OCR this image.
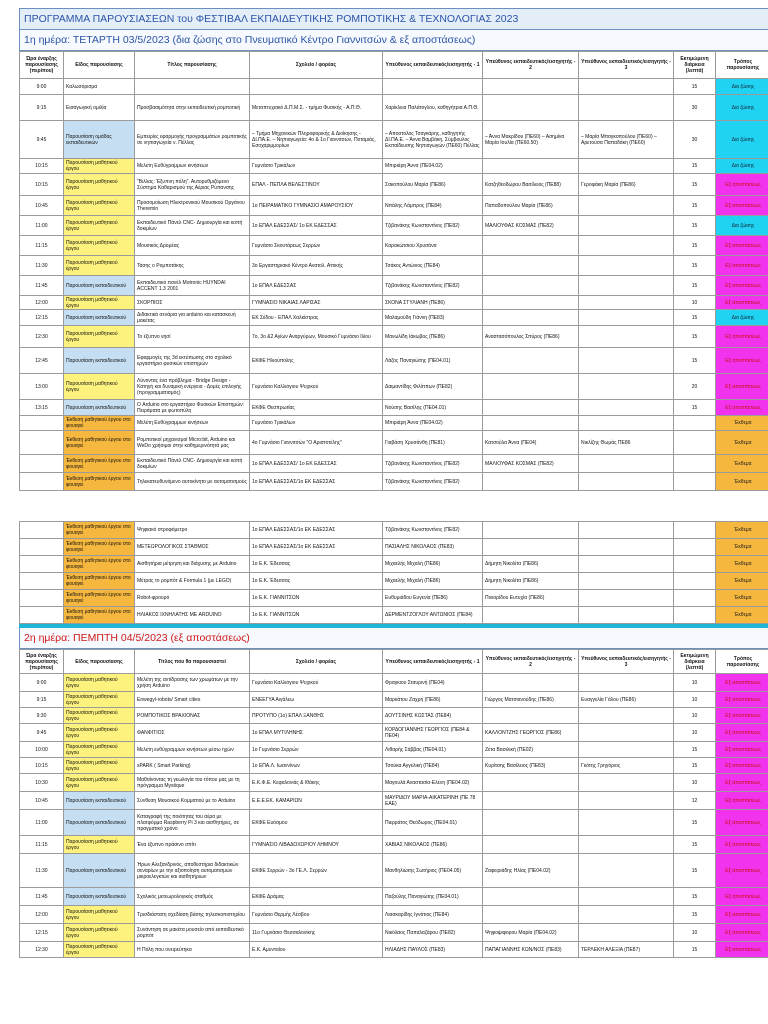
ΠΡΟΓΡΑΜΜΑ ΠΑΡΟΥΣΙΑΣΕΩΝ του ΦΕΣΤΙΒΑΛ ΕΚΠΑΙΔΕΥΤΙΚΗΣ ΡΟΜΠΟΤΙΚΗΣ & ΤΕΧΝΟΛΟΓΙΑΣ 2023
1η ημέρα: ΤΕΤΑΡΤΗ 03/5/2023 (δια ζώσης στο Πνευματικό Κέντρο Γιαννιτσών & εξ αποστάσεως)
Ώρα έναρξης παρουσίασης (περίπου)	Είδος παρουσίασης	Τίτλος παρουσίασης	Σχολείο / φορέας	Υπεύθυνος εκπαιδευτικός/εισηγητής - 1	Υπεύθυνος εκπαιδευτικός/εισηγητής - 2	Υπεύθυνος εκπαιδευτικός/εισηγητής - 3	Εκτιμώμενη διάρκεια (λεπτά)	Τρόπος παρουσίασης
9:00	Καλωσόρισμα						15	Δια ζώσης
9:15	Εισαγωγική ομιλία	Προσβασιμότητα στην εκπαιδευτική ρομποτική	Μεταπτυχιακό Δ.Π.Μ.Σ. - τμήμα Φυσικής - Α.Π.Θ.	Χαρίκλεια Παλάτογλου, καθηγήτρια Α.Π.Θ.			30	Δια ζώσης
9:45	Παρουσίαση ομάδας εκπαιδευτικών	Εμπειρίες εφαρμογής προγραμμάτων ρομποτικής σε νηπιαγωγεία ν. Πέλλας	– Τμήμα Μηχανικών Πληροφορικής & Διοίκησης - ΔΙ.ΠΑ.Ε. – Νηπιαγωγεία: 4ο & 1ο Γιαννιτσών, Ποταμιάς, Εσοχαριμμορίων	– Αποστολος Τσαγκάρης, καθηγητής ΔΙ.ΠΑ.Ε. – Άννα Βαμβάκη, Σύμβουλος Εκπαίδευσης Νηπιαγωγών (ΠΕ60) Πέλλας	– Άννα Μακρίδου (ΠΕ60) – Ασημίνα Μαρία Ιουλία (ΠΕ60.50)	– Μαρία Μπαγκοπούλου (ΠΕ60) – Αρετούσα Παπαδάκη (ΠΕ60)	30	Δια ζώσης
10:15	Παρουσίαση μαθητικού έργου	Μελέτη Ευθύγραμμων κινήσεων	Γυμνάσιο Τρικάλων	Μπιριάρη Άννα (ΠΕ04.02)			15	Δια ζώσης
10:15	Παρουσίαση μαθητικού έργου	"Βιλλας: Έξυπνη πόλη". Αυτορυθμιζόμενο Σύστημα Καθαρισμού της Αέριας Ρύπανσης	ΕΠΑΛ - ΠΕΠΛΑ ΒΕΛΕΣΤΙΝΟΥ	Σακοπούλου Μαρία (ΠΕ86)	Κατζηθεοδώρου Βασίλειος (ΠΕ88)	Γεροφάκη Μαρία (ΠΕ86)	15	Εξ αποστάσεως
10:45	Παρουσίαση μαθητικού έργου	Προσομοίωση Ηλεκτρονικού Μουσικού Οργάνου Theremin	1ο ΠΕΙΡΑΜΑΤΙΚΟ ΓΥΜΝΑΣΙΟ ΑΜΑΡΟΥΣΙΟΥ	Νπάλης Λάμπρος (ΠΕ84)	Παπαδοπούλου Μαρία (ΠΕ86)		15	Εξ αποστάσεως
11:00	Παρουσίαση μαθητικού έργου	Εκπαιδευτικό Πάνελ CNC- Δημιουργία και κοπή δοκιμίων	1ο ΕΠΑΛ ΕΔΕΣΣΑΣ/ 1ο ΕΚ ΕΔΕΣΣΑΣ	Τζιβανάκης Κωνσταντίνος (ΠΕ82)	ΜΑΛΙΟΥΦΑΣ ΚΟΣΜΑΣ (ΠΕ82)		15	Δια ζώσης
11:15	Παρουσίαση μαθητικού έργου	Μουσικός Δρομέας	Γυμνάσιο Σκουτάρεως Σερρών	Καρακώτσιου Χρυσάνα			15	Εξ αποστάσεως
11:30	Παρουσίαση μαθητικού έργου	Τάσης ο Ρομποτάκης	3ο Εργαστηριακό Κέντρο Ανατολ. Αττικής	Τσάκος Αντώνιος (ΠΕ84)			15	Εξ αποστάσεως
11:45	Παρουσίαση εκπαιδευτικού	Εκπαιδευτικό πανέλ Μotronic HUYNDAI ACCENT 1.3 2001	1ο ΕΠΑΛ ΕΔΕΣΣΑΣ	Τζιβανάκης Κωνσταντίνος (ΠΕ82)			15	Εξ αποστάσεως
12:00	Παρουσίαση μαθητικού έργου	ΣΚΟΡΠΙΟΣ	ΓΥΜΝΑΣΙΟ ΝΙΚΑΙΑΣ ΛΑΡΙΣΑΣ	ΣΚΟΝΑ ΣΤΥΛΙΑΝΗ (ΠΕ86)			10	Εξ αποστάσεως
12:15	Παρουσίαση εκπαιδευτικού	Διδακτικά σενάρια για arduino και κατασκευή μακέτας	ΕΚ Σιίδου - ΕΠΑΛ Χαλκίστρας	Μαλαμούδη Γιάννη (ΠΕ83)			15	Δια ζώσης
12:30	Παρουσίαση μαθητικού έργου	Το έξυπνο νησί	7ο, 3ο &2 Αγίων Αναργύρων, Μουσικό Γυμνάσιο Ιλίου	Μανωλίδη Ιάκωβος (ΠΕ86)	Αναστασόπουλος Σπύρος (ΠΕ86)		15	Εξ αποστάσεως
12:45	Παρουσίαση εκπαιδευτικού	Εφαρμογές της 3d εκτύπωσης στο σχολικό εργαστήριο φυσικών επιστημών	ΕΚΦΕ Ηλιούπολης	Λάζος Παναγιώτης (ΠΕ04.01)			15	Εξ αποστάσεως
13:00	Παρουσίαση μαθητικού έργου	Λύνοντας ένα πρόβλημα - Bridge Design - Κατηγή και δυναμική ενέργεια - Δομές επιλογής (προγραμματισμός)	Γυμνάσιο Καλλιόγιου Ψυχικού	Δαιμαντίδης Φιλίππων (ΠΕ82)			20	Εξ αποστάσεως
13:15	Παρουσίαση εκπαιδευτικού	Ο Arduino στο εργαστήριο Φυσικών Επιστημών: Πειράματα με φωτοπύλη	ΕΚΦΕ Θεσπρωτίας	Νούσης Βασίλης (ΠΕ04.01)			15	Εξ αποστάσεως
	Έκθεση μαθητικού έργου στο φουαγιέ	Μελέτη Ευθύγραμμων κινήσεων	Γυμνάσιο Τρικάλων	Μπιριάρη Άννα (ΠΕ04.02)				Έκθεμα
	Έκθεση μαθητικού έργου στο φουαγιέ	Ρομποτικοί μηχανισμοί Micro:bit, Arduino και WeDo χρήσιμοι στην καθημερινότητά μας	4ο Γυμνάσιο Γιαννιτσών "Ο Αριστοτέλης"	Γιαβάση Χρυσάνθη (ΠΕ81)	Κατσούλα Άννα (ΠΕ04)	Νικλίζης Θωμάς ΠΕ86		Έκθεμα
	Έκθεση μαθητικού έργου στο φουαγιέ	Εκπαιδευτικό Πάνελ CNC- Δημιουργία και κοπή δοκιμίων	1ο ΕΠΑΛ ΕΔΕΣΣΑΣ/ 1ο ΕΚ ΕΔΕΣΣΑΣ	Τζιβανάκης Κωνσταντίνος (ΠΕ82)	ΜΑΛΙΟΥΦΑΣ ΚΟΣΜΑΣ (ΠΕ82)			Έκθεμα
	Έκθεση μαθητικού έργου στο φουαγιέ	Τηλεκατευθυνόμενο αυτοκίνητο με αυτοματισμούς	1ο ΕΠΑΛ ΕΔΕΣΣΑΣ/1ο ΕΚ ΕΔΕΣΣΑΣ	Τζιβανάκης Κωνσταντίνος (ΠΕ82)				Έκθεμα
	Έκθεση μαθητικού έργου στο φουαγιέ	Ψηφιακό στροφόμετρο	1ο ΕΠΑΛ ΕΔΕΣΣΑΣ/1ο ΕΚ ΕΔΕΣΣΑΣ	Τζιβανάκης Κωνσταντίνος (ΠΕ82)				Έκθεμα
	Έκθεση μαθητικού έργου στο φουαγιέ	ΜΕΤΕΩΡΟΛΟΓΙΚΟΣ ΣΤΑΘΜΟΣ	1ο ΕΠΑΛ ΕΔΕΣΣΑΣ/1ο ΕΚ ΕΔΕΣΣΑΣ	ΠΑΣΙΑΛΗΣ ΝΙΚΟΛΑΟΣ (ΠΕ83)				Έκθεμα
	Έκθεση μαθητικού έργου στο φουαγιέ	Αισθητήρια μέτρηση και διάχυσης με Arduino	1ο Ε.Κ. Έδεσσας	Μιχαελής Μιχαλή (ΠΕ86)	Δήμητη Νικολίτα (ΠΕ86)			Έκθεμα
	Έκθεση μαθητικού έργου στο φουαγιέ	Μέτρας το ρομπότ & Formula 1 (με LEGO)	1ο Ε.Κ. Έδεσσας	Μιχαελής Μιχαλή (ΠΕ86)	Δήμητη Νικολίτα (ΠΕ86)			Έκθεμα
	Έκθεση μαθητικού έργου στο φουαγιέ	Robot-φρουρό	1ο Ε.Κ. ΓΙΑΝΝΙΤΣΩΝ	Ευθυμιάδου Ευγενία (ΠΕ86)	Πινιορίδου Ευτυχία (ΠΕ86)			Έκθεμα
	Έκθεση μαθητικού έργου στο φουαγιέ	ΗΛΙΑΚΟΣ ΙΧΝΗΛΑΤΗΣ ΜΕ ARDUINO	1ο Ε.Κ. ΓΙΑΝΝΙΤΣΩΝ	ΔΕΡΜΕΝΤΖΟΓΛΟΥ ΑΝΤΩΝΙΟΣ (ΠΕ84)				Έκθεμα
2η ημέρα: ΠΕΜΠΤΗ 04/5/2023 (εξ αποστάσεως)
Ώρα έναρξης παρουσίασης (περίπου)	Είδος παρουσίασης	Τίτλος που θα παρουσιαστεί	Σχολείο / φορέας	Υπεύθυνος εκπαιδευτικός/εισηγητής - 1	Υπεύθυνος εκπαιδευτικός/εισηγητής - 2	Υπεύθυνος εκπαιδευτικός/εισηγητής - 3	Εκτιμώμενη διάρκεια (λεπτά)	Τρόπος παρουσίασης
9:00	Παρουσίαση μαθητικού έργου	Μελέτη της αντίδρασης των χρωμάτων με την χρήση Arduino	Γυμνάσιο Καλλιόγιου Ψυχικού	Φραγκιου Σταυρινή (ΠΕ04)			10	Εξ αποστάσεως
9:15	Παρουσίαση μαθητικού έργου	Enwegyl-robots/ Smart cities	ΕΝΕΕΓΥΑ Αιγάλεω	Μαρκάτου Ζαχρή (ΠΕ86)	Γιώργος Ματσιανούδης (ΠΕ86)	Ευαγγελία Γάλου (ΠΕ86)	10	Εξ αποστάσεως
9:30	Παρουσίαση μαθητικού έργου	ΡΟΜΠΟΤΙΚΟΣ ΒΡΑΧΙΟΝΑΣ	ΠΡΟΤΥΠΟ (1ο) ΕΠΑΛ ΞΑΝΘΗΣ	ΔΟΥΤΣΙΝΗΣ ΚΩΣΤΑΣ (ΠΕ84)			10	Εξ αποστάσεως
9:45	Παρουσίαση μαθητικού έργου	ΦΑΝΦΙΤΙΟΣ	1ο ΕΠΑΛ ΜΥΤΙΛΗΝΗΣ	ΚΟΡΔΟΓΙΑΝΝΗΣ ΓΕΩΡΓΙΟΣ (ΠΕ84 & ΠΕ04)	ΚΑΛΛΟΝΤΖΗΣ ΓΕΩΡΓΙΟΣ (ΠΕ86)		10	Εξ αποστάσεως
10:00	Παρουσίαση μαθητικού έργου	Μελέτη ευθύγραμμων κινήσεων μέσω ηχών	1ο Γυμνάσιο Σερρών	Λιθαρής Σάββας (ΠΕ04.01)	Ζέτα Βασιλική (ΠΕ02)		15	Εξ αποστάσεως
10:15	Παρουσίαση μαθητικού έργου	sPARK ( Smart Parking)	1ο ΕΠΑ.Λ. Ιωαννίνων	Τσούκα Αγγελική (ΠΕ84)	Κυρίτσης Βασίλειος (ΠΕ83)	Γκότης Γρηγόριος	15	Εξ αποστάσεως
10:30	Παρουσίαση μαθητικού έργου	Μαθαίνοντας τη γεωλογία του τόπου μας με τη πρόγραμμα Mystique	Ε.Κ.Φ.Ε. Κεφαλονιάς & Ιθάκης	Μαγουλά Αναστασία-Ελένη (ΠΕ04.02)			10	Εξ αποστάσεως
10:45	Παρουσίαση εκπαιδευτικού	Σύνθεση Μουσικού Κομματιού με το Arduino	Ε.Ε.Ε.ΕΚ. ΚΑΜΑΡΙΩΝ	ΜΑΥΡΙΔΟΥ ΜΑΡΙΑ-ΑΙΚΑΤΕΡΙΝΗ (ΠΕ 78 ΕΑΕ)			12	Εξ αποστάσεως
11:00	Παρουσίαση εκπαιδευτικού	Καταγραφή της ποιότητας του αέρα με πλατφόρμα Raspberry Pi 3 και αισθητήρες, σε πραγματικό χρόνο	ΕΚΦΕ Ευόσμου	Πιερράτος Θεόδωρος (ΠΕ04.01)			15	Εξ αποστάσεως
11:15	Παρουσίαση μαθητικού έργου	Ένα έξυπνο πράσινο σπίτι	ΓΥΜΝΑΣΙΟ ΛΙΒΑΔΟΧΩΡΙΟΥ ΛΗΜΝΟΥ	ΧΑΒΙΑΣ ΝΙΚΟΛΑΟΣ (ΠΕ86)			15	Εξ αποστάσεως
11:30	Παρουσίαση εκπαιδευτικού	Ήρων Αλεξανδρινός, αποθεστήρια διδακτικών σεναρίων με την αξιοποίηση αυτοματισμών μικροελεγκτών και αισθητήριων	ΕΚΦΕ Σερρών - 3ο ΓΕ.Λ. Σερρών	Μανθηλιώτης Σωτήριος (ΠΕ04.05)	Ζαφειριάδης Ηλίας (ΠΕ04.02)		15	Εξ αποστάσεως
11:45	Παρουσίαση εκπαιδευτικού	Σχολικός μετεωρολογικός σταθμός	ΕΚΦΕ Δράμας	Παζούλης Παναγιώτης (ΠΕ04.01)			15	Εξ αποστάσεως
12:00	Παρουσίαση μαθητικού έργου	Τρισδιάστατη σχεδίαση βάσης τηλεσκοπιστηρίου	Γυμνάσιο Θερμής Λέσβου	Λιασκαρίδης Ιγνάτιος (ΠΕ84)			15	Εξ αποστάσεως
12:15	Παρουσίαση μαθητικού έργου	Συνάντηση σε μακέτα μουσείο από εκπαιδευτικό ρομπότ	11ο Γυμνάσιο Θεσσαλονίκης	Νικόλαος Παπαλαζάρου (ΠΕ82)	Ψηφοψιφορου Μαρία (ΠΕ04.02)		10	Εξ αποστάσεως
12:30	Παρουσίαση μαθητικού έργου	Η Πόλη που ονειρεύτηκα	Ε.Κ. Αμυνταίου	ΗΛΙΑΔΗΣ ΠΑΥΛΟΣ (ΠΕ83)	ΠΑΠΑΓΙΑΝΝΗΣ ΚΩΝ/ΝΟΣ (ΠΕ83)	ΤΕΡΛΕΚΗ ΑΛΕΞΙΑ (ΠΕ87)	15	Εξ αποστάσεως
